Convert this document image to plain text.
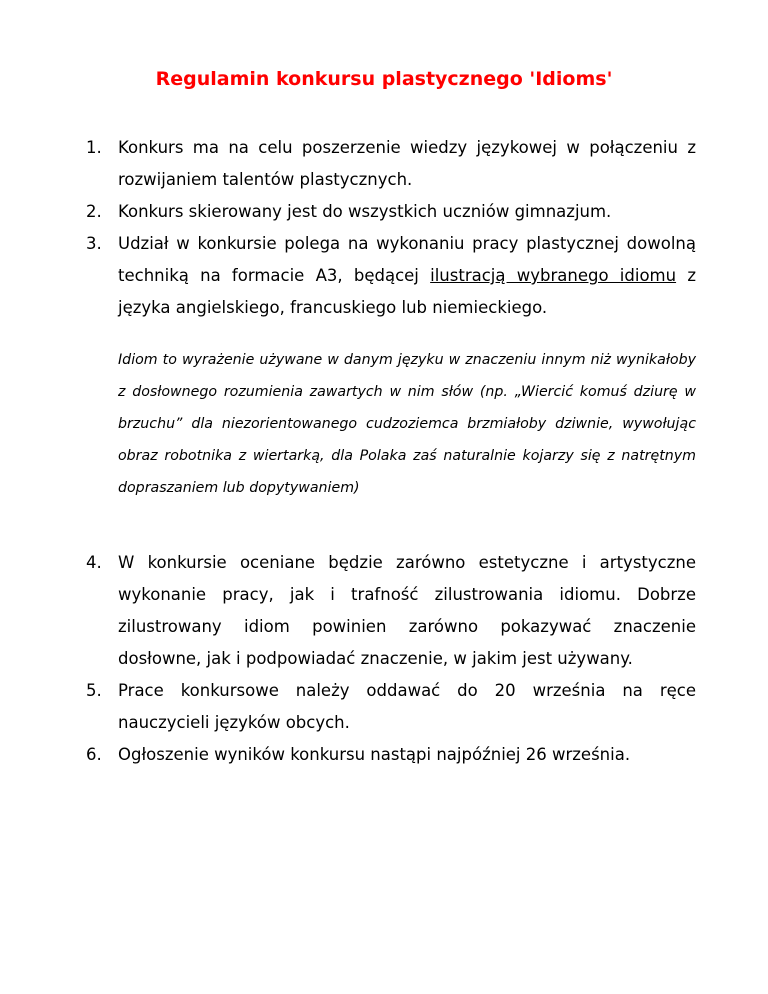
Regulamin konkursu plastycznego 'Idioms'
1. Konkurs ma na celu poszerzenie wiedzy językowej w połączeniu z rozwijaniem talentów plastycznych.
2. Konkurs skierowany jest do wszystkich uczniów gimnazjum.
3. Udział w konkursie polega na wykonaniu pracy plastycznej dowolną techniką na formacie A3, będącej ilustracją wybranego idiomu z języka angielskiego, francuskiego lub niemieckiego.

Idiom to wyrażenie używane w danym języku w znaczeniu innym niż wynikałoby z dosłownego rozumienia zawartych w nim słów (np. „Wiercić komuś dziurę w brzuchu” dla niezorientowanego cudzoziemca brzmiałoby dziwnie, wywołując obraz robotnika z wiertarką, dla Polaka zaś naturalnie kojarzy się z natrętnym dopraszaniem lub dopytywaniem)

4. W konkursie oceniane będzie zarówno estetyczne i artystyczne wykonanie pracy, jak i trafność zilustrowania idiomu. Dobrze zilustrowany idiom powinien zarówno pokazywać znaczenie dosłowne, jak i podpowiadać znaczenie, w jakim jest używany.
5. Prace konkursowe należy oddawać do 20 września na ręce nauczycieli języków obcych.
6. Ogłoszenie wyników konkursu nastąpi najpóźniej 26 września.
